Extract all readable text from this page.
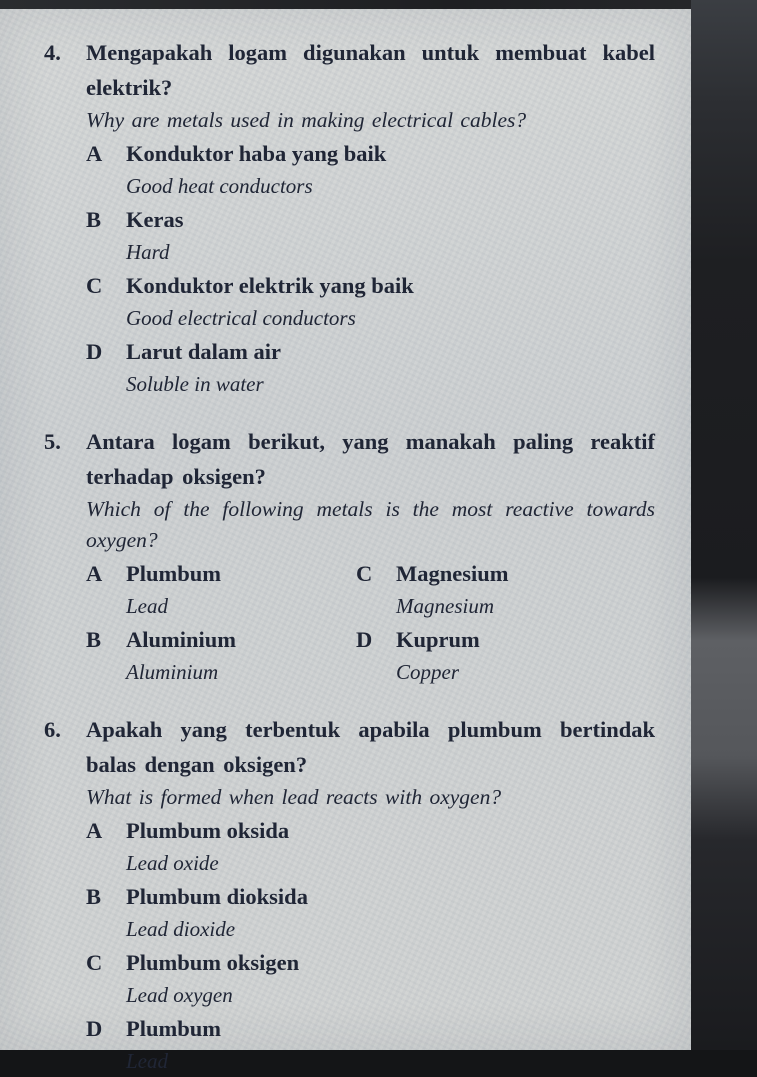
4.	Mengapakah logam digunakan untuk membuat kabel elektrik?
Why are metals used in making electrical cables?
A	Konduktor haba yang baik
Good heat conductors
B	Keras
Hard
C	Konduktor elektrik yang baik
Good electrical conductors
D	Larut dalam air
Soluble in water
5.	Antara logam berikut, yang manakah paling reaktif terhadap oksigen?
Which of the following metals is the most reactive towards oxygen?
A	Plumbum
Lead
C	Magnesium
Magnesium
B	Aluminium
Aluminium
D	Kuprum
Copper
6.	Apakah yang terbentuk apabila plumbum bertindak balas dengan oksigen?
What is formed when lead reacts with oxygen?
A	Plumbum oksida
Lead oxide
B	Plumbum dioksida
Lead dioxide
C	Plumbum oksigen
Lead oxygen
D	Plumbum
Lead
